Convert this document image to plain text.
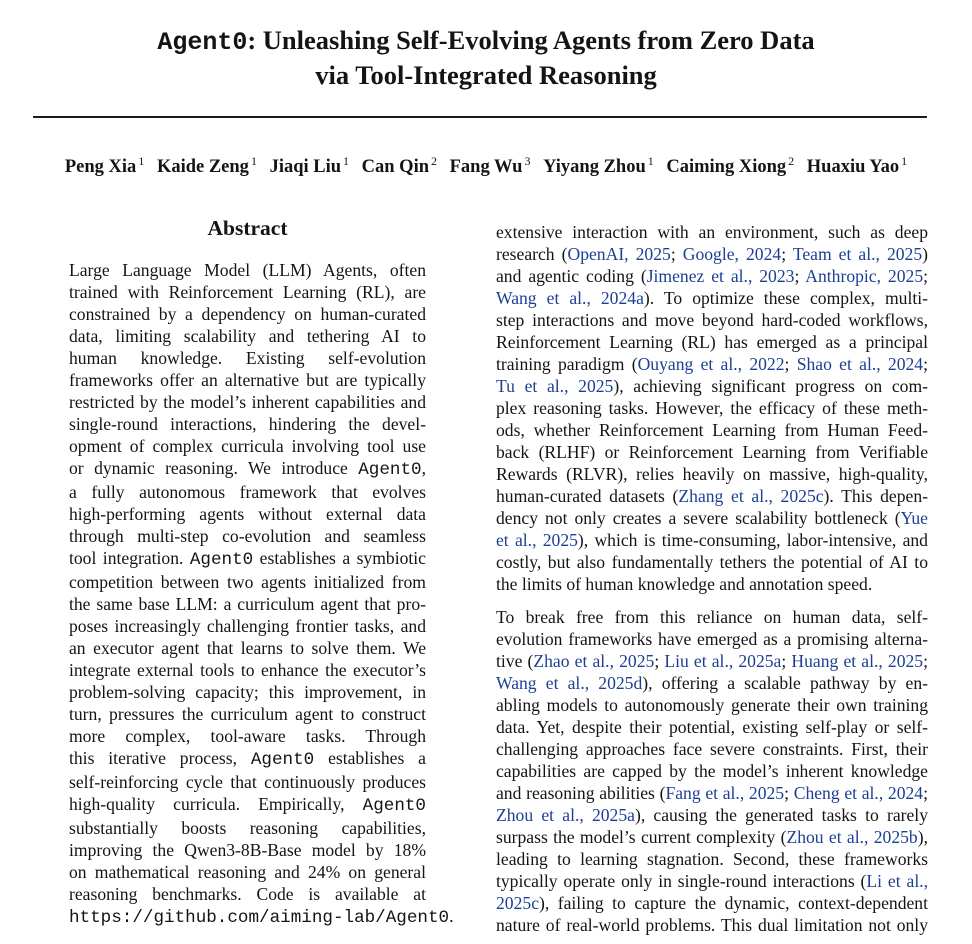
Agent0: Unleashing Self-Evolving Agents from Zero Data
via Tool-Integrated Reasoning
Peng Xia $^1$ Kaide Zeng $^1$ Jiaqi Liu $^1$ Can Qin $^2$ Fang Wu $^3$ Yiyang Zhou $^1$ Caiming Xiong $^2$ Huaxiu Yao $^1$
Abstract

Large Language Model (LLM) Agents, often
trained with Reinforcement Learning (RL), are
constrained by a dependency on human-curated
data, limiting scalability and tethering AI to
human knowledge. Existing self-evolution
frameworks offer an alternative but are typically
restricted by the model’s inherent capabilities and
single-round interactions, hindering the devel-
opment of complex curricula involving tool use
or dynamic reasoning. We introduce Agent0,
a fully autonomous framework that evolves
high-performing agents without external data
through multi-step co-evolution and seamless
tool integration. Agent0 establishes a symbiotic
competition between two agents initialized from
the same base LLM: a curriculum agent that pro-
poses increasingly challenging frontier tasks, and
an executor agent that learns to solve them. We
integrate external tools to enhance the executor’s
problem-solving capacity; this improvement, in
turn, pressures the curriculum agent to construct
more complex, tool-aware tasks. Through
this iterative process, Agent0 establishes a
self-reinforcing cycle that continuously produces
high-quality curricula. Empirically, Agent0
substantially boosts reasoning capabilities,
improving the Qwen3-8B-Base model by 18%
on mathematical reasoning and 24% on general
reasoning benchmarks. Code is available at
https://github.com/aiming-lab/Agent0.

extensive interaction with an environment, such as deep
research (OpenAI, 2025; Google, 2024; Team et al., 2025)
and agentic coding (Jimenez et al., 2023; Anthropic, 2025;
Wang et al., 2024a). To optimize these complex, multi-
step interactions and move beyond hard-coded workflows,
Reinforcement Learning (RL) has emerged as a principal
training paradigm (Ouyang et al., 2022; Shao et al., 2024;
Tu et al., 2025), achieving significant progress on com-
plex reasoning tasks. However, the efficacy of these meth-
ods, whether Reinforcement Learning from Human Feed-
back (RLHF) or Reinforcement Learning from Verifiable
Rewards (RLVR), relies heavily on massive, high-quality,
human-curated datasets (Zhang et al., 2025c). This depen-
dency not only creates a severe scalability bottleneck (Yue
et al., 2025), which is time-consuming, labor-intensive, and
costly, but also fundamentally tethers the potential of AI to
the limits of human knowledge and annotation speed.

To break free from this reliance on human data, self-
evolution frameworks have emerged as a promising alterna-
tive (Zhao et al., 2025; Liu et al., 2025a; Huang et al., 2025;
Wang et al., 2025d), offering a scalable pathway by en-
abling models to autonomously generate their own training
data. Yet, despite their potential, existing self-play or self-
challenging approaches face severe constraints. First, their
capabilities are capped by the model’s inherent knowledge
and reasoning abilities (Fang et al., 2025; Cheng et al., 2024;
Zhou et al., 2025a), causing the generated tasks to rarely
surpass the model’s current complexity (Zhou et al., 2025b),
leading to learning stagnation. Second, these frameworks
typically operate only in single-round interactions (Li et al.,
2025c), failing to capture the dynamic, context-dependent
nature of real-world problems. This dual limitation not only
